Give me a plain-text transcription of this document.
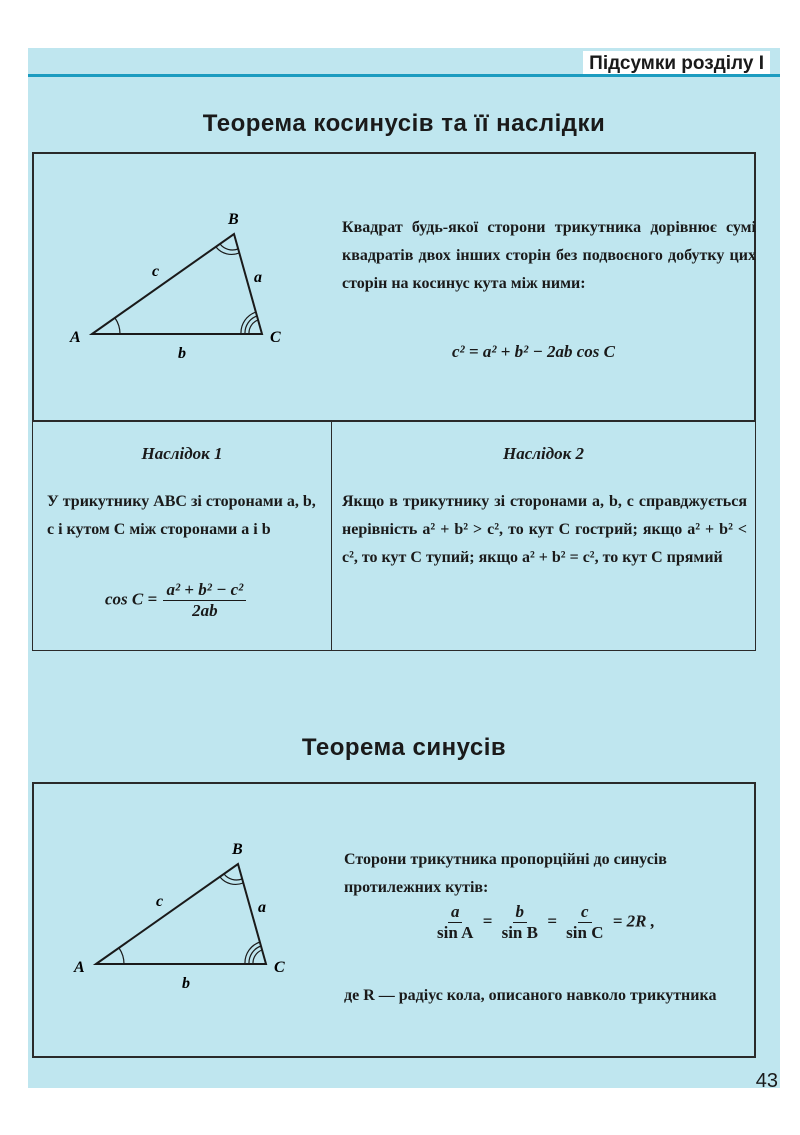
Підсумки розділу I
Теорема косинусів та її наслідки
A
B
C
a
b
c
Квадрат будь-якої сторони трикутника дорівнює сумі квадратів двох інших сторін без подвоєного добутку цих сторін на косинус кута між ними:
c² = a² + b² − 2ab cos C
Наслідок 1
У трикутнику ABC зі сторонами a, b, c і кутом C між сторонами a і b
$\cos C = \frac{\text{a² + b² − c²}}{2ab}$
Наслідок 2
Якщо в трикутнику зі сторонами a, b, c справджується нерівність a² + b² > c², то кут C гострий; якщо a² + b² < c², то кут C тупий; якщо a² + b² = c², то кут C прямий
Теорема синусів
A
B
C
a
b
c
Сторони трикутника пропорційні до синусів протилежних кутів:
$\frac{a}{\text{sin A}} = \frac{b}{\text{sin B}} = \frac{c}{\text{sin C}} = 2R$ ,
де R — радіус кола, описаного навколо трикутника
43
